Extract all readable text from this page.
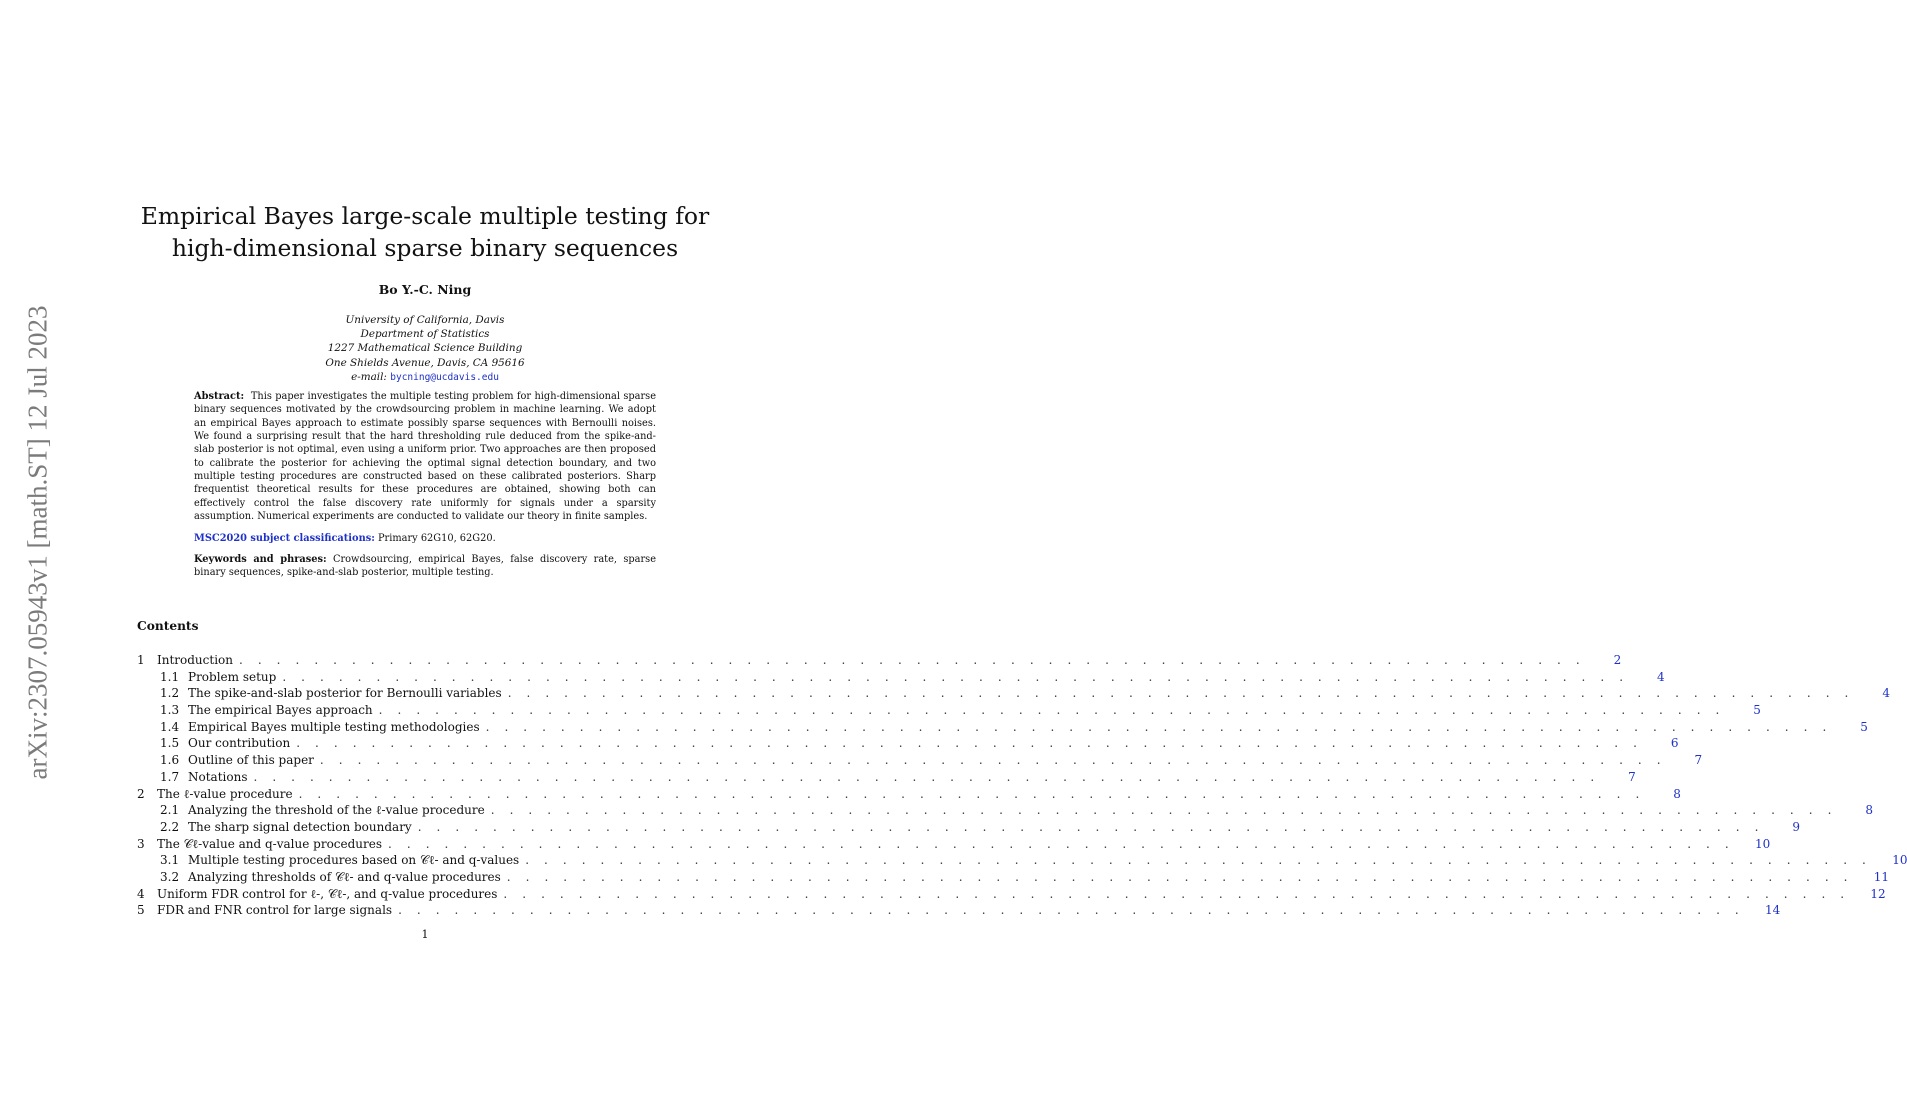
arXiv:2307.05943v1 [math.ST] 12 Jul 2023
Empirical Bayes large-scale multiple testing for
high-dimensional sparse binary sequences
Bo Y.-C. Ning
University of California, Davis
Department of Statistics
1227 Mathematical Science Building
One Shields Avenue, Davis, CA 95616
e-mail: bycning@ucdavis.edu

Abstract: This paper investigates the multiple testing problem for high-dimensional sparse binary sequences motivated by the crowdsourcing problem in machine learning. We adopt an empirical Bayes approach to estimate possibly sparse sequences with Bernoulli noises. We found a surprising result that the hard thresholding rule deduced from the spike-and-slab posterior is not optimal, even using a uniform prior. Two approaches are then proposed to calibrate the posterior for achieving the optimal signal detection boundary, and two multiple testing procedures are constructed based on these calibrated posteriors. Sharp frequentist theoretical results for these procedures are obtained, showing both can effectively control the false discovery rate uniformly for signals under a sparsity assumption. Numerical experiments are conducted to validate our theory in finite samples.

MSC2020 subject classifications: Primary 62G10, 62G20.
Keywords and phrases: Crowdsourcing, empirical Bayes, false discovery rate, sparse binary sequences, spike-and-slab posterior, multiple testing.
Contents
1	Introduction . . . . . . . . . . . . . . . . . . . . . . . . . . . . . . . . . . . . . . . . . . . . . . . . . . . . . . . . . . . . . . . . . . . . . . . .	2
1.1 Problem setup . . . . . . . . . . . . . . . . . . . . . . . . . . . . . . . . . . . . . . . . . . . . . . . . . . . . . . . . . . . . . . . . . . . . . . . .	4
1.2 The spike-and-slab posterior for Bernoulli variables . . . . . . . . . . . . . . . . . . . . . . . . . . . . . . . . . . . . . . . . . . . . . . . . . . . . . . . . . . . . . . . . . . . . . . . .	4
1.3 The empirical Bayes approach . . . . . . . . . . . . . . . . . . . . . . . . . . . . . . . . . . . . . . . . . . . . . . . . . . . . . . . . . . . . . . . . . . . . . . . .	5
1.4 Empirical Bayes multiple testing methodologies . . . . . . . . . . . . . . . . . . . . . . . . . . . . . . . . . . . . . . . . . . . . . . . . . . . . . . . . . . . . . . . . . . . . . . . .	5
1.5 Our contribution . . . . . . . . . . . . . . . . . . . . . . . . . . . . . . . . . . . . . . . . . . . . . . . . . . . . . . . . . . . . . . . . . . . . . . . .	6
1.6 Outline of this paper . . . . . . . . . . . . . . . . . . . . . . . . . . . . . . . . . . . . . . . . . . . . . . . . . . . . . . . . . . . . . . . . . . . . . . . .	7
1.7 Notations . . . . . . . . . . . . . . . . . . . . . . . . . . . . . . . . . . . . . . . . . . . . . . . . . . . . . . . . . . . . . . . . . . . . . . . .	7
2	The ℓ-value procedure . . . . . . . . . . . . . . . . . . . . . . . . . . . . . . . . . . . . . . . . . . . . . . . . . . . . . . . . . . . . . . . . . . . . . . . .	8
2.1 Analyzing the threshold of the ℓ-value procedure . . . . . . . . . . . . . . . . . . . . . . . . . . . . . . . . . . . . . . . . . . . . . . . . . . . . . . . . . . . . . . . . . . . . . . . .	8
2.2 The sharp signal detection boundary . . . . . . . . . . . . . . . . . . . . . . . . . . . . . . . . . . . . . . . . . . . . . . . . . . . . . . . . . . . . . . . . . . . . . . . .	9
3	The 𝒞ℓ-value and q-value procedures . . . . . . . . . . . . . . . . . . . . . . . . . . . . . . . . . . . . . . . . . . . . . . . . . . . . . . . . . . . . . . . . . . . . . . . .	10
3.1 Multiple testing procedures based on 𝒞ℓ- and q-values . . . . . . . . . . . . . . . . . . . . . . . . . . . . . . . . . . . . . . . . . . . . . . . . . . . . . . . . . . . . . . . . . . . . . . . .	10
3.2 Analyzing thresholds of 𝒞ℓ- and q-value procedures . . . . . . . . . . . . . . . . . . . . . . . . . . . . . . . . . . . . . . . . . . . . . . . . . . . . . . . . . . . . . . . . . . . . . . . .	11
4	Uniform FDR control for ℓ-, 𝒞ℓ-, and q-value procedures . . . . . . . . . . . . . . . . . . . . . . . . . . . . . . . . . . . . . . . . . . . . . . . . . . . . . . . . . . . . . . . . . . . . . . . .	12
5	FDR and FNR control for large signals . . . . . . . . . . . . . . . . . . . . . . . . . . . . . . . . . . . . . . . . . . . . . . . . . . . . . . . . . . . . . . . . . . . . . . . .	14
1
